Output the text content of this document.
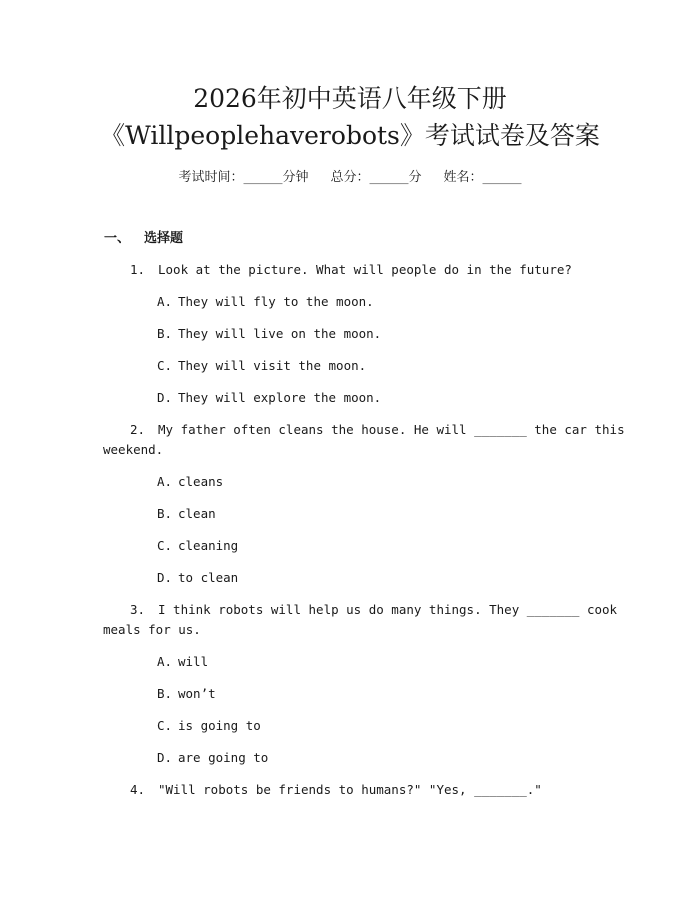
2026年初中英语八年级下册
《Willpeoplehaverobots》考试试卷及答案
考试时间：______分钟 总分：______分 姓名：______
一、 选择题
1. Look at the picture. What will people do in the future?
A. They will fly to the moon.
B. They will live on the moon.
C. They will visit the moon.
D. They will explore the moon.
2. My father often cleans the house. He will _______ the car this
weekend.
A. cleans
B. clean
C. cleaning
D. to clean
3. I think robots will help us do many things. They _______ cook
meals for us.
A. will
B. won’t
C. is going to
D. are going to
4. "Will robots be friends to humans?" "Yes, _______."
